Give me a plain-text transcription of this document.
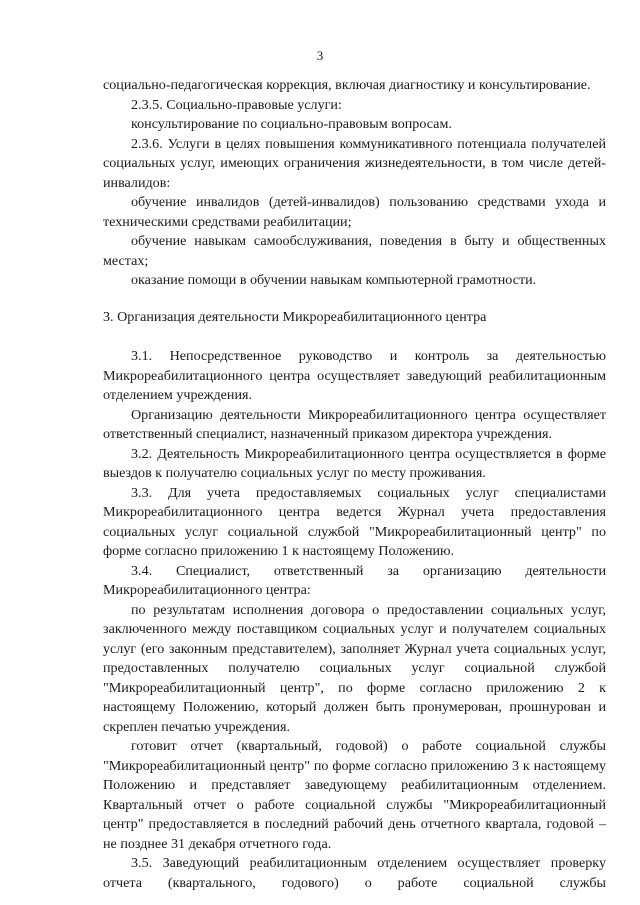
3

социально-педагогическая коррекция, включая диагностику и консультирование.

2.3.5. Социально-правовые услуги:

консультирование по социально-правовым вопросам.

2.3.6. Услуги в целях повышения коммуникативного потенциала получателей социальных услуг, имеющих ограничения жизнедеятельности, в том числе детей-инвалидов:

обучение инвалидов (детей-инвалидов) пользованию средствами ухода и техническими средствами реабилитации;

обучение навыкам самообслуживания, поведения в быту и общественных местах;

оказание помощи в обучении навыкам компьютерной грамотности.

3. Организация деятельности Микрореабилитационного центра

3.1. Непосредственное руководство и контроль за деятельностью Микрореабилитационного центра осуществляет заведующий реабилитационным отделением учреждения.

Организацию деятельности Микрореабилитационного центра осуществляет ответственный специалист, назначенный приказом директора учреждения.

3.2. Деятельность Микрореабилитационного центра осуществляется в форме выездов к получателю социальных услуг по месту проживания.

3.3. Для учета предоставляемых социальных услуг специалистами Микрореабилитационного центра ведется Журнал учета предоставления социальных услуг социальной службой "Микрореабилитационный центр" по форме согласно приложению 1 к настоящему Положению.

3.4. Специалист, ответственный за организацию деятельности Микрореабилитационного центра:

по результатам исполнения договора о предоставлении социальных услуг, заключенного между поставщиком социальных услуг и получателем социальных услуг (его законным представителем), заполняет Журнал учета социальных услуг, предоставленных получателю социальных услуг социальной службой "Микрореабилитационный центр", по форме согласно приложению 2 к настоящему Положению, который должен быть пронумерован, прошнурован и скреплен печатью учреждения.

готовит отчет (квартальный, годовой) о работе социальной службы "Микрореабилитационный центр" по форме согласно приложению 3 к настоящему Положению и представляет заведующему реабилитационным отделением. Квартальный отчет о работе социальной службы "Микрореабилитационный центр" предоставляется в последний рабочий день отчетного квартала, годовой – не позднее 31 декабря отчетного года.

3.5. Заведующий реабилитационным отделением осуществляет проверку отчета (квартального, годового) о работе социальной службы
